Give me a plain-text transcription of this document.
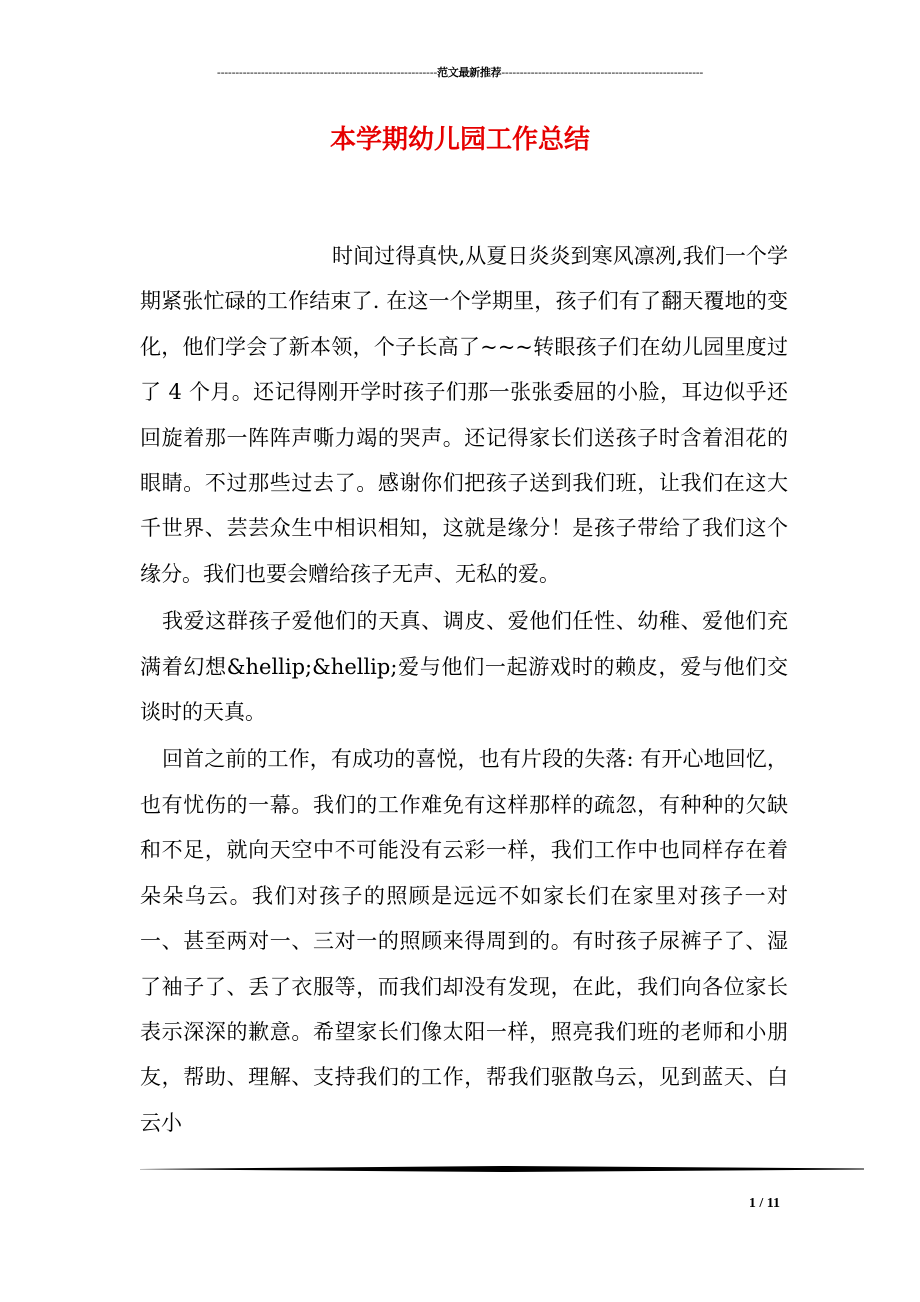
------------------------------------------------------------范文最新推荐-------------------------------------------------------
本学期幼儿园工作总结

时间过得真快,从夏日炎炎到寒风凛冽,我们一个学期紧张忙碌的工作结束了. 在这一个学期里，孩子们有了翻天覆地的变化，他们学会了新本领，个子长高了~~~转眼孩子们在幼儿园里度过了 4 个月。还记得刚开学时孩子们那一张张委屈的小脸，耳边似乎还回旋着那一阵阵声嘶力竭的哭声。还记得家长们送孩子时含着泪花的眼睛。不过那些过去了。感谢你们把孩子送到我们班，让我们在这大千世界、芸芸众生中相识相知，这就是缘分！是孩子带给了我们这个缘分。我们也要会赠给孩子无声、无私的爱。

我爱这群孩子爱他们的天真、调皮、爱他们任性、幼稚、爱他们充满着幻想&hellip;&hellip;爱与他们一起游戏时的赖皮，爱与他们交谈时的天真。

回首之前的工作，有成功的喜悦，也有片段的失落: 有开心地回忆，也有忧伤的一幕。我们的工作难免有这样那样的疏忽，有种种的欠缺和不足，就向天空中不可能没有云彩一样，我们工作中也同样存在着朵朵乌云。我们对孩子的照顾是远远不如家长们在家里对孩子一对一、甚至两对一、三对一的照顾来得周到的。有时孩子尿裤子了、湿了袖子了、丢了衣服等，而我们却没有发现，在此，我们向各位家长表示深深的歉意。希望家长们像太阳一样，照亮我们班的老师和小朋友，帮助、理解、支持我们的工作，帮我们驱散乌云，见到蓝天、白云小

1 / 11
